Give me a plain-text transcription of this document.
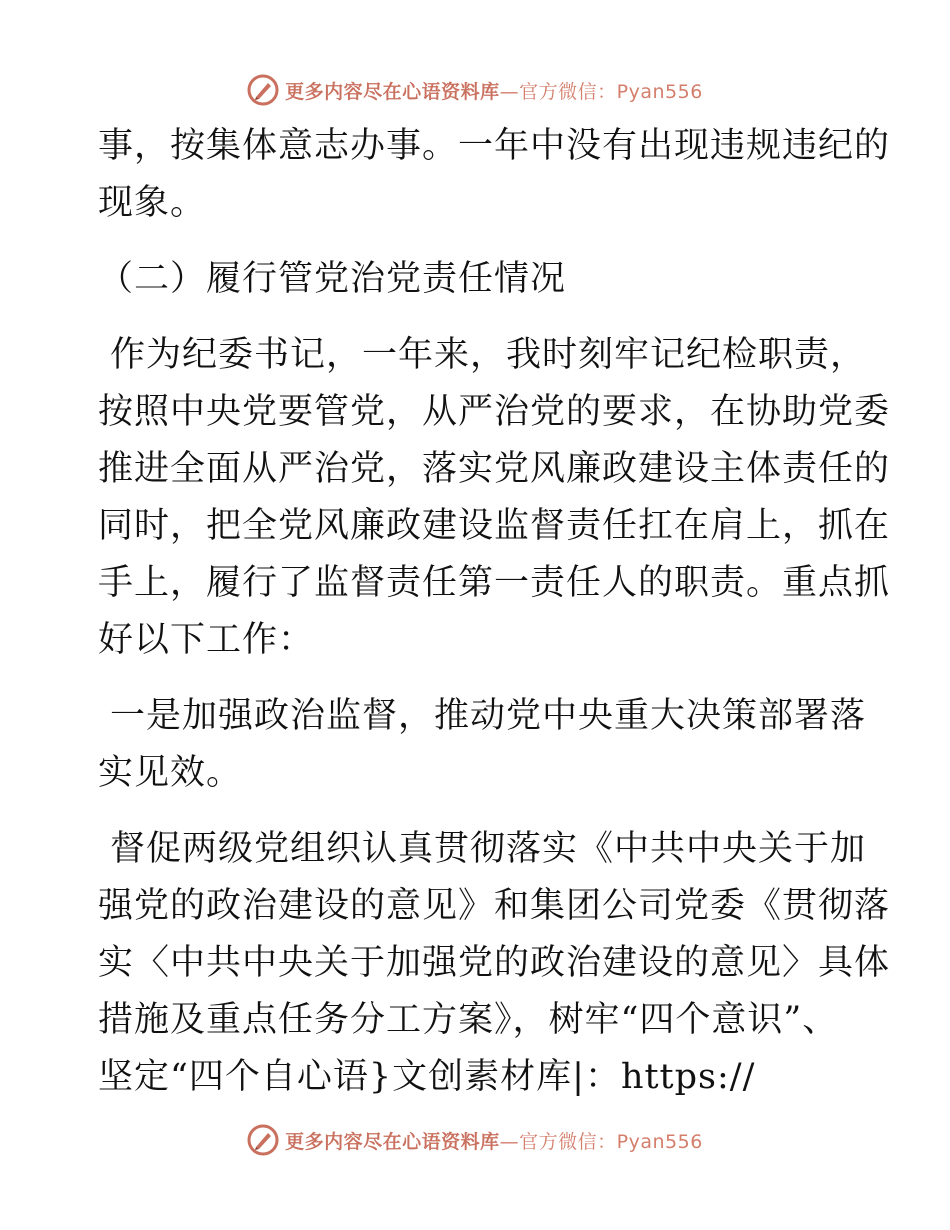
更多内容尽在心语资料库—官方微信：Pyan556

事，按集体意志办事。一年中没有出现违规违纪的
现象。

（二）履行管党治党责任情况

作为纪委书记，一年来，我时刻牢记纪检职责，
按照中央党要管党，从严治党的要求，在协助党委
推进全面从严治党，落实党风廉政建设主体责任的
同时，把全党风廉政建设监督责任扛在肩上，抓在
手上，履行了监督责任第一责任人的职责。重点抓
好以下工作：

一是加强政治监督，推动党中央重大决策部署落
实见效。

督促两级党组织认真贯彻落实《中共中央关于加
强党的政治建设的意见》和集团公司党委《贯彻落
实〈中共中央关于加强党的政治建设的意见〉具体
措施及重点任务分工方案》，树牢“四个意识”、
坚定“四个自心语}文创素材库|：https://

更多内容尽在心语资料库—官方微信：Pyan556
